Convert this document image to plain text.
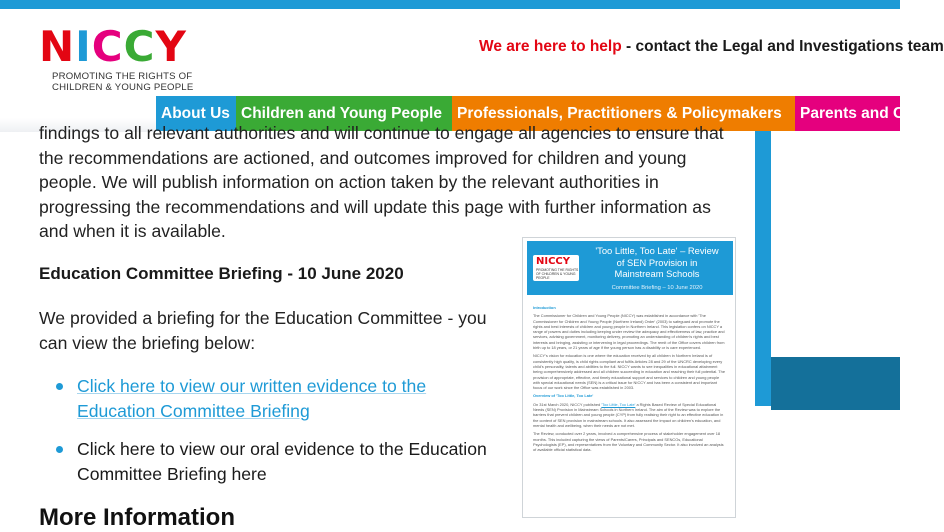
NICCY
PROMOTING THE RIGHTS OF
CHILDREN & YOUNG PEOPLE
We are here to help - contact the Legal and Investigations team
About Us Children and Young People Professionals, Practitioners & Policymakers	Parents and Carers

findings to all relevant authorities and will continue to engage all agencies to ensure that the recommendations are actioned, and outcomes improved for children and young people. We will publish information on action taken by the relevant authorities in progressing the recommendations and will update this page with further information as and when it is available.

Education Committee Briefing - 10 June 2020

We provided a briefing for the Education Committee - you can view the briefing below:

Click here to view our written evidence to the Education Committee Briefing
Click here to view our oral evidence to the Education Committee Briefing here
More Information
NICCY
PROMOTING THE RIGHTS OF CHILDREN & YOUNG PEOPLE
'Too Little, Too Late' – Review of SEN Provision in Mainstream Schools
Committee Briefing – 10 June 2020
Introduction
The Commissioner for Children and Young People (NICCY) was established in accordance with 'The Commissioner for Children and Young People (Northern Ireland) Order' (2003) to safeguard and promote the rights and best interests of children and young people in Northern Ireland. This legislation confers on NICCY a range of powers and duties including keeping under review the adequacy and effectiveness of law, practice and services, advising government, monitoring delivery, promoting an understanding of children's rights and best interests and bringing, assisting or intervening in legal proceedings. The remit of the Office covers children from birth up to 18 years, or 21 years of age if the young person has a disability or is care experienced.
NICCY's vision for education is one where the education received by all children in Northern Ireland is of consistently high quality, is child rights compliant and fulfils Articles 28 and 29 of the UNCRC developing every child's personality, talents and abilities to the full. NICCY wants to see inequalities in educational attainment being comprehensively addressed and all children succeeding in education and reaching their full potential. The provision of appropriate, effective, and timely educational support and services to children and young people with special educational needs (SEN) is a critical issue for NICCY and has been a consistent and important focus of our work since the Office was established in 2003.
Overview of 'Too Little, Too Late'
On 31st March 2020, NICCY published 'Too Little, Too Late' a Rights Based Review of Special Educational Needs (SEN) Provision in Mainstream Schools in Northern Ireland. The aim of the Review was to explore the barriers that prevent children and young people (CYP) from fully realising their right to an effective education in the context of SEN provision in mainstream schools. It also assessed the impact on children's education, and mental health and wellbeing, when their needs are not met.
The Review, conducted over 2 years, involved a comprehensive process of stakeholder engagement over 18 months. This included capturing the views of Parents/Carers, Principals and SENCOs, Educational Psychologists (EP), and representatives from the Voluntary and Community Sector. It also involved an analysis of available official statistical data.
